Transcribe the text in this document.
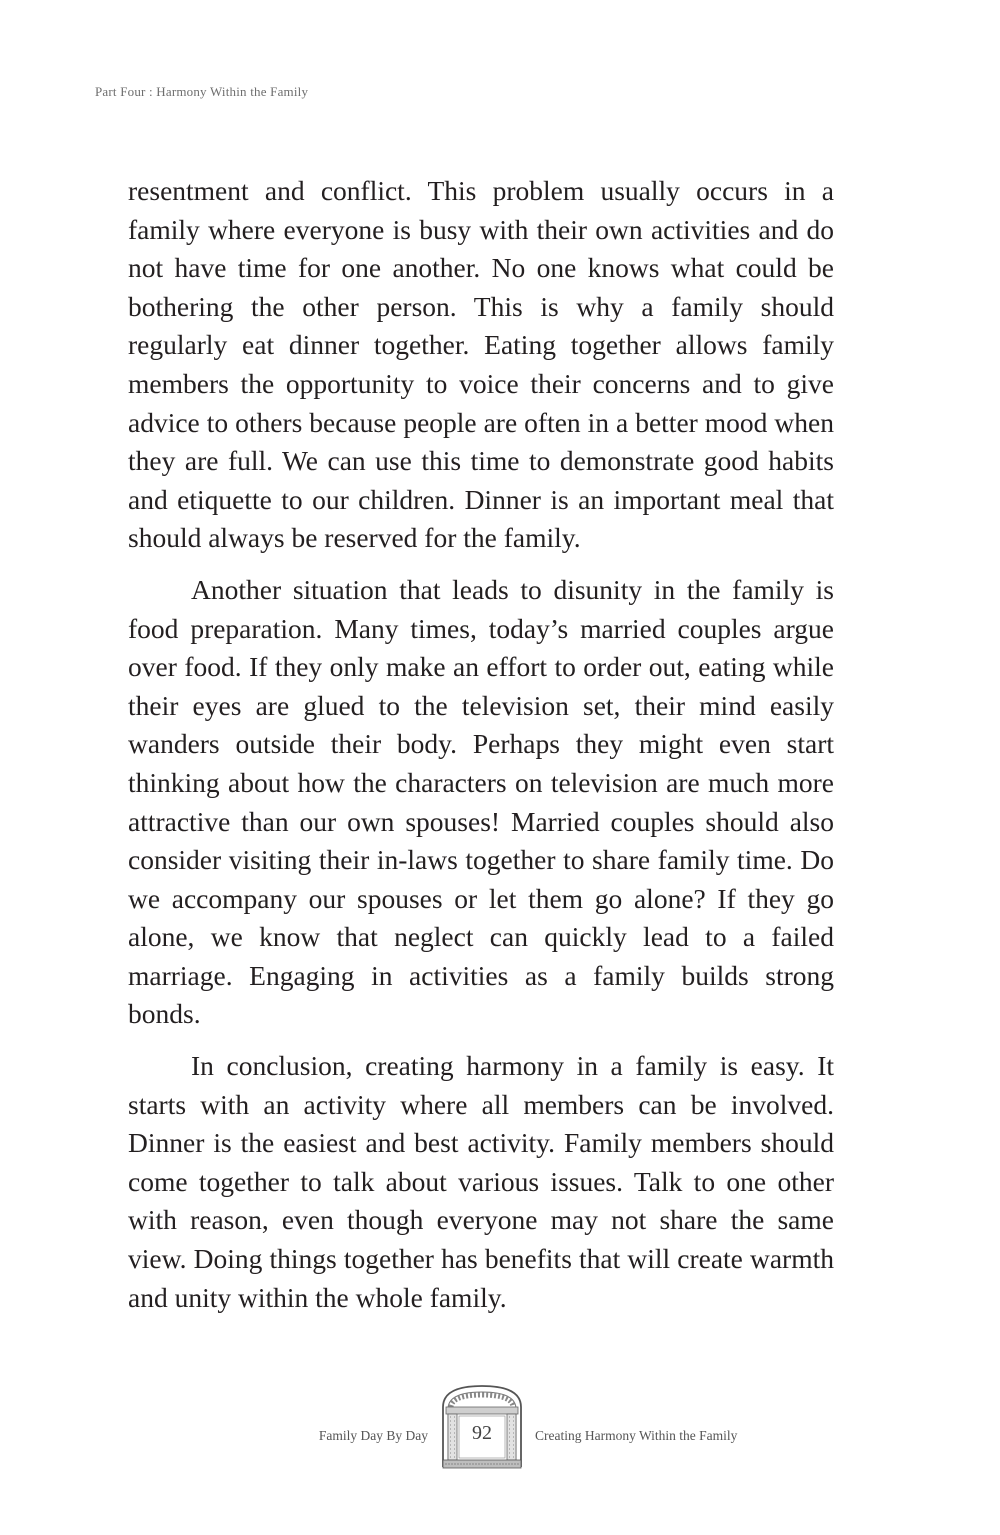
Part Four : Harmony Within the Family

resentment and conflict. This problem usually occurs in a family where everyone is busy with their own activities and do not have time for one another. No one knows what could be bothering the other person. This is why a family should regularly eat dinner together. Eating together allows family members the opportunity to voice their concerns and to give advice to others because people are often in a better mood when they are full. We can use this time to demonstrate good habits and etiquette to our children. Dinner is an important meal that should always be reserved for the family.

Another situation that leads to disunity in the family is food preparation. Many times, today’s married couples argue over food. If they only make an effort to order out, eating while their eyes are glued to the television set, their mind easily wanders outside their body. Perhaps they might even start thinking about how the characters on television are much more attractive than our own spouses! Married couples should also consider visiting their in-laws together to share family time. Do we accompany our spouses or let them go alone? If they go alone, we know that neglect can quickly lead to a failed marriage. Engaging in activities as a family builds strong bonds.

In conclusion, creating harmony in a family is easy. It starts with an activity where all members can be involved. Dinner is the easiest and best activity. Family members should come together to talk about various issues. Talk to one other with reason, even though everyone may not share the same view. Doing things together has benefits that will create warmth and unity within the whole family.

Family Day By Day	92	Creating Harmony Within the Family
